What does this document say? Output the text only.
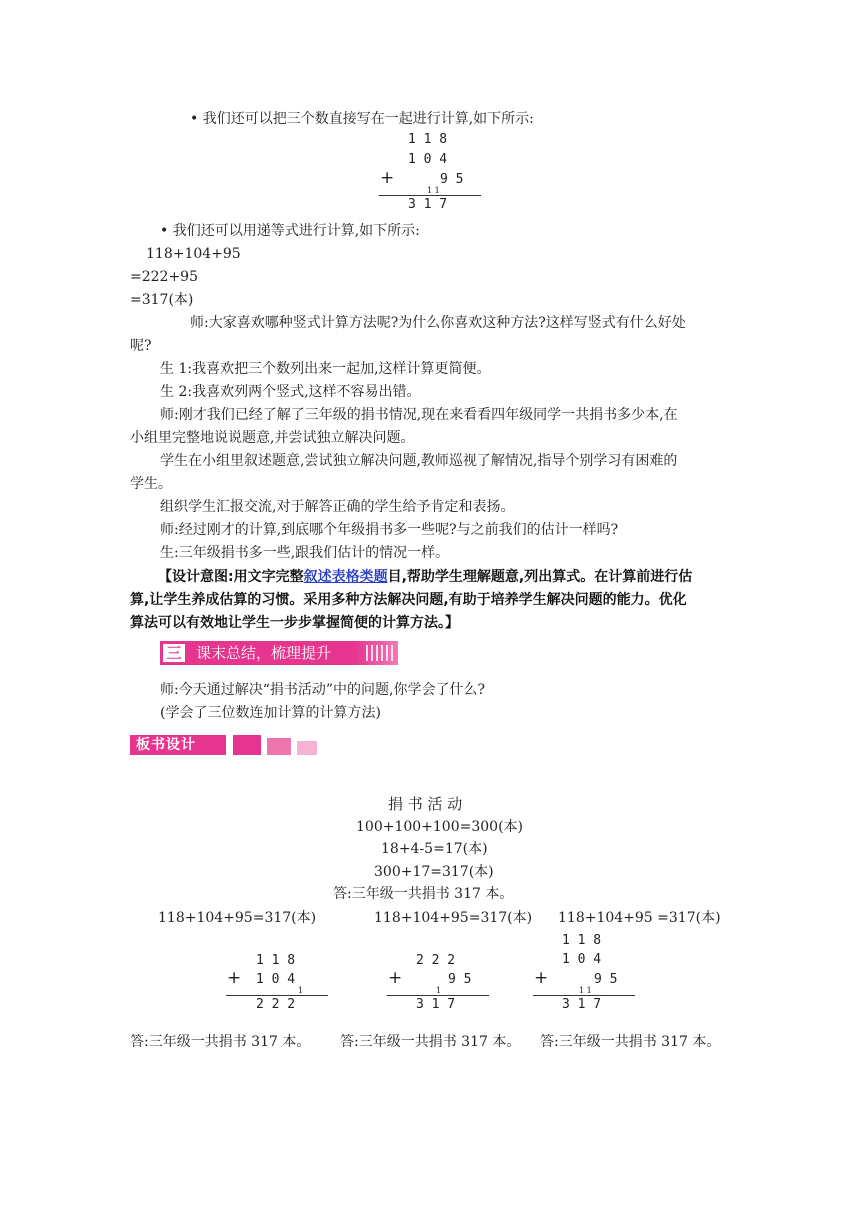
• 我们还可以把三个数直接写在一起进行计算,如下所示:
1 1 8
1 0 4
+	9 5
1 1
3 1 7
• 我们还可以用递等式进行计算,如下所示:
118+104+95
=222+95
=317(本)
师:大家喜欢哪种竖式计算方法呢?为什么你喜欢这种方法?这样写竖式有什么好处
呢?
生 1:我喜欢把三个数列出来一起加,这样计算更简便。
生 2:我喜欢列两个竖式,这样不容易出错。
师:刚才我们已经了解了三年级的捐书情况,现在来看看四年级同学一共捐书多少本,在
小组里完整地说说题意,并尝试独立解决问题。
学生在小组里叙述题意,尝试独立解决问题,教师巡视了解情况,指导个别学习有困难的
学生。
组织学生汇报交流,对于解答正确的学生给予肯定和表扬。
师:经过刚才的计算,到底哪个年级捐书多一些呢?与之前我们的估计一样吗?
生:三年级捐书多一些,跟我们估计的情况一样。
【设计意图:用文字完整叙述表格类题目,帮助学生理解题意,列出算式。在计算前进行估
算,让学生养成估算的习惯。采用多种方法解决问题,有助于培养学生解决问题的能力。优化
算法可以有效地让学生一步步掌握简便的计算方法。】
三 课末总结，梳理提升
师:今天通过解决“捐书活动”中的问题,你学会了什么?
(学会了三位数连加计算的计算方法)
板书设计
捐 书 活 动
100+100+100=300(本)
18+4-5=17(本)
300+17=317(本)
答:三年级一共捐书 317 本。
118+104+95=317(本)
1 1 8
+ 1 0 4
1
2 2 2
答:三年级一共捐书 317 本。
118+104+95=317(本)
2 2 2
+	9 5
1
3 1 7
答:三年级一共捐书 317 本。
118+104+95 =317(本)
1 1 8
1 0 4
+	9 5
1 1
3 1 7
答:三年级一共捐书 317 本。
